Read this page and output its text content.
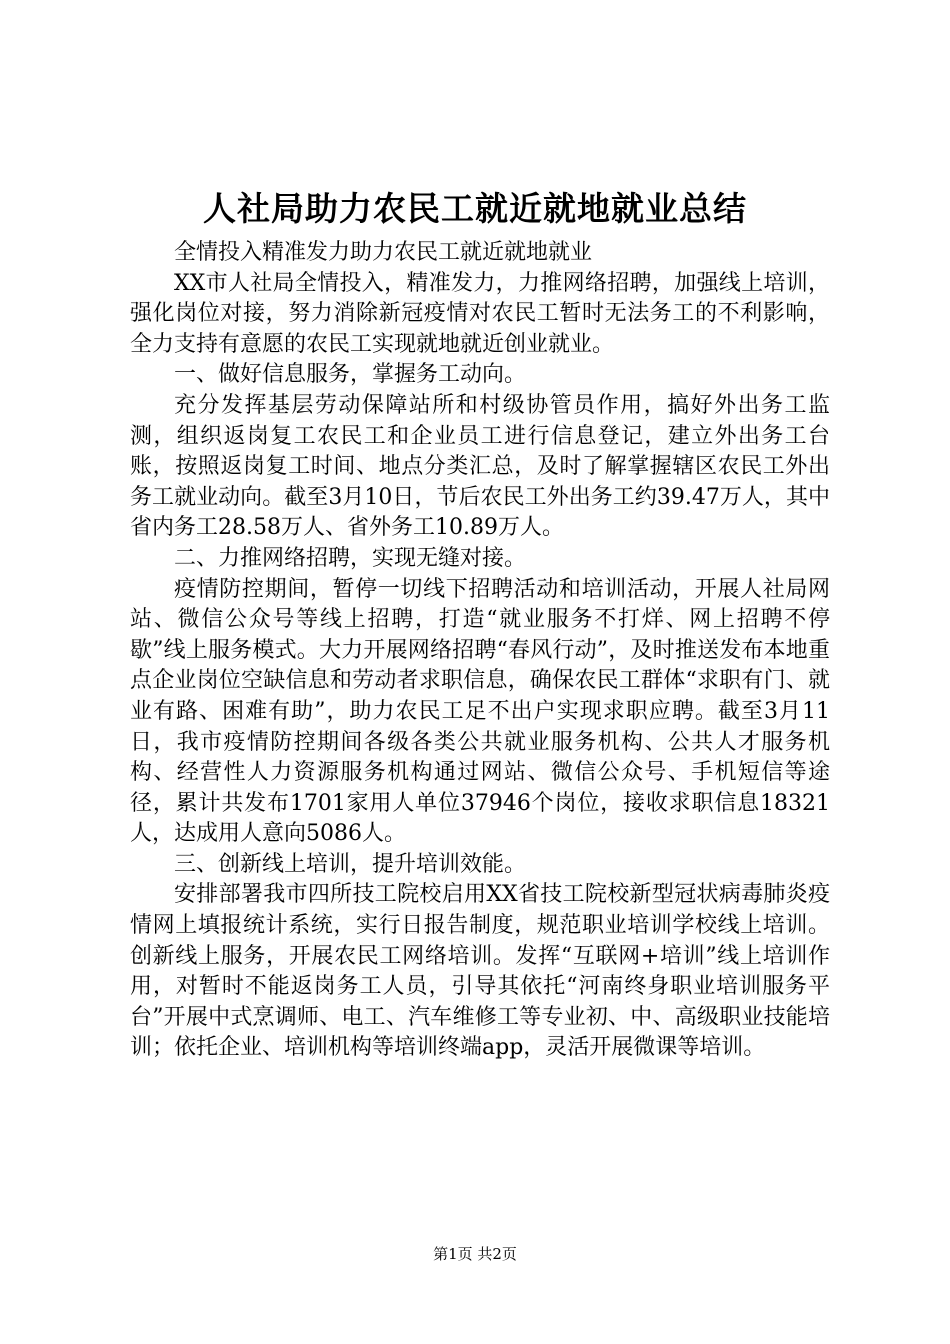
人社局助力农民工就近就地就业总结

全情投入精准发力助力农民工就近就地就业

XX市人社局全情投入，精准发力，力推网络招聘，加强线上培训，强化岗位对接，努力消除新冠疫情对农民工暂时无法务工的不利影响，全力支持有意愿的农民工实现就地就近创业就业。

一、做好信息服务，掌握务工动向。

充分发挥基层劳动保障站所和村级协管员作用，搞好外出务工监测，组织返岗复工农民工和企业员工进行信息登记，建立外出务工台账，按照返岗复工时间、地点分类汇总，及时了解掌握辖区农民工外出务工就业动向。截至3月10日，节后农民工外出务工约39.47万人，其中省内务工28.58万人、省外务工10.89万人。

二、力推网络招聘，实现无缝对接。

疫情防控期间，暂停一切线下招聘活动和培训活动，开展人社局网站、微信公众号等线上招聘，打造“就业服务不打烊、网上招聘不停歇”线上服务模式。大力开展网络招聘“春风行动”，及时推送发布本地重点企业岗位空缺信息和劳动者求职信息，确保农民工群体“求职有门、就业有路、困难有助”，助力农民工足不出户实现求职应聘。截至3月11日，我市疫情防控期间各级各类公共就业服务机构、公共人才服务机构、经营性人力资源服务机构通过网站、微信公众号、手机短信等途径，累计共发布1701家用人单位37946个岗位，接收求职信息18321人，达成用人意向5086人。

三、创新线上培训，提升培训效能。

安排部署我市四所技工院校启用XX省技工院校新型冠状病毒肺炎疫情网上填报统计系统，实行日报告制度，规范职业培训学校线上培训。创新线上服务，开展农民工网络培训。发挥“互联网+培训”线上培训作用，对暂时不能返岗务工人员，引导其依托“河南终身职业培训服务平台”开展中式烹调师、电工、汽车维修工等专业初、中、高级职业技能培训；依托企业、培训机构等培训终端app，灵活开展微课等培训。

第1页 共2页
